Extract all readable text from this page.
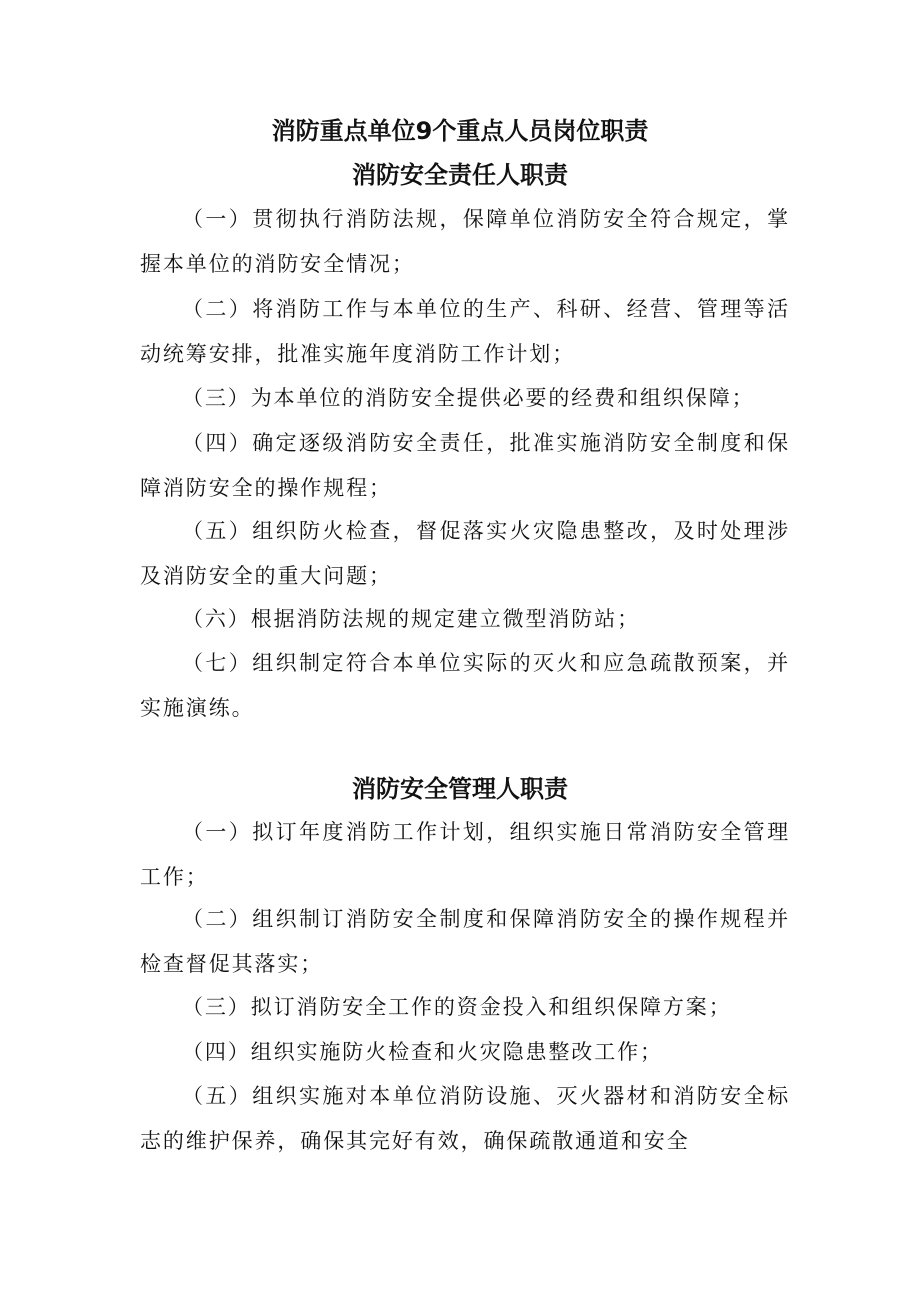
消防重点单位9个重点人员岗位职责
消防安全责任人职责

（一）贯彻执行消防法规，保障单位消防安全符合规定，掌握本单位的消防安全情况；

（二）将消防工作与本单位的生产、科研、经营、管理等活动统筹安排，批准实施年度消防工作计划；

（三）为本单位的消防安全提供必要的经费和组织保障；

（四）确定逐级消防安全责任，批准实施消防安全制度和保障消防安全的操作规程；

（五）组织防火检查，督促落实火灾隐患整改，及时处理涉及消防安全的重大问题；

（六）根据消防法规的规定建立微型消防站；

（七）组织制定符合本单位实际的灭火和应急疏散预案，并实施演练。

消防安全管理人职责

（一）拟订年度消防工作计划，组织实施日常消防安全管理工作；

（二）组织制订消防安全制度和保障消防安全的操作规程并检查督促其落实；

（三）拟订消防安全工作的资金投入和组织保障方案；

（四）组织实施防火检查和火灾隐患整改工作；

（五）组织实施对本单位消防设施、灭火器材和消防安全标志的维护保养，确保其完好有效，确保疏散通道和安全
